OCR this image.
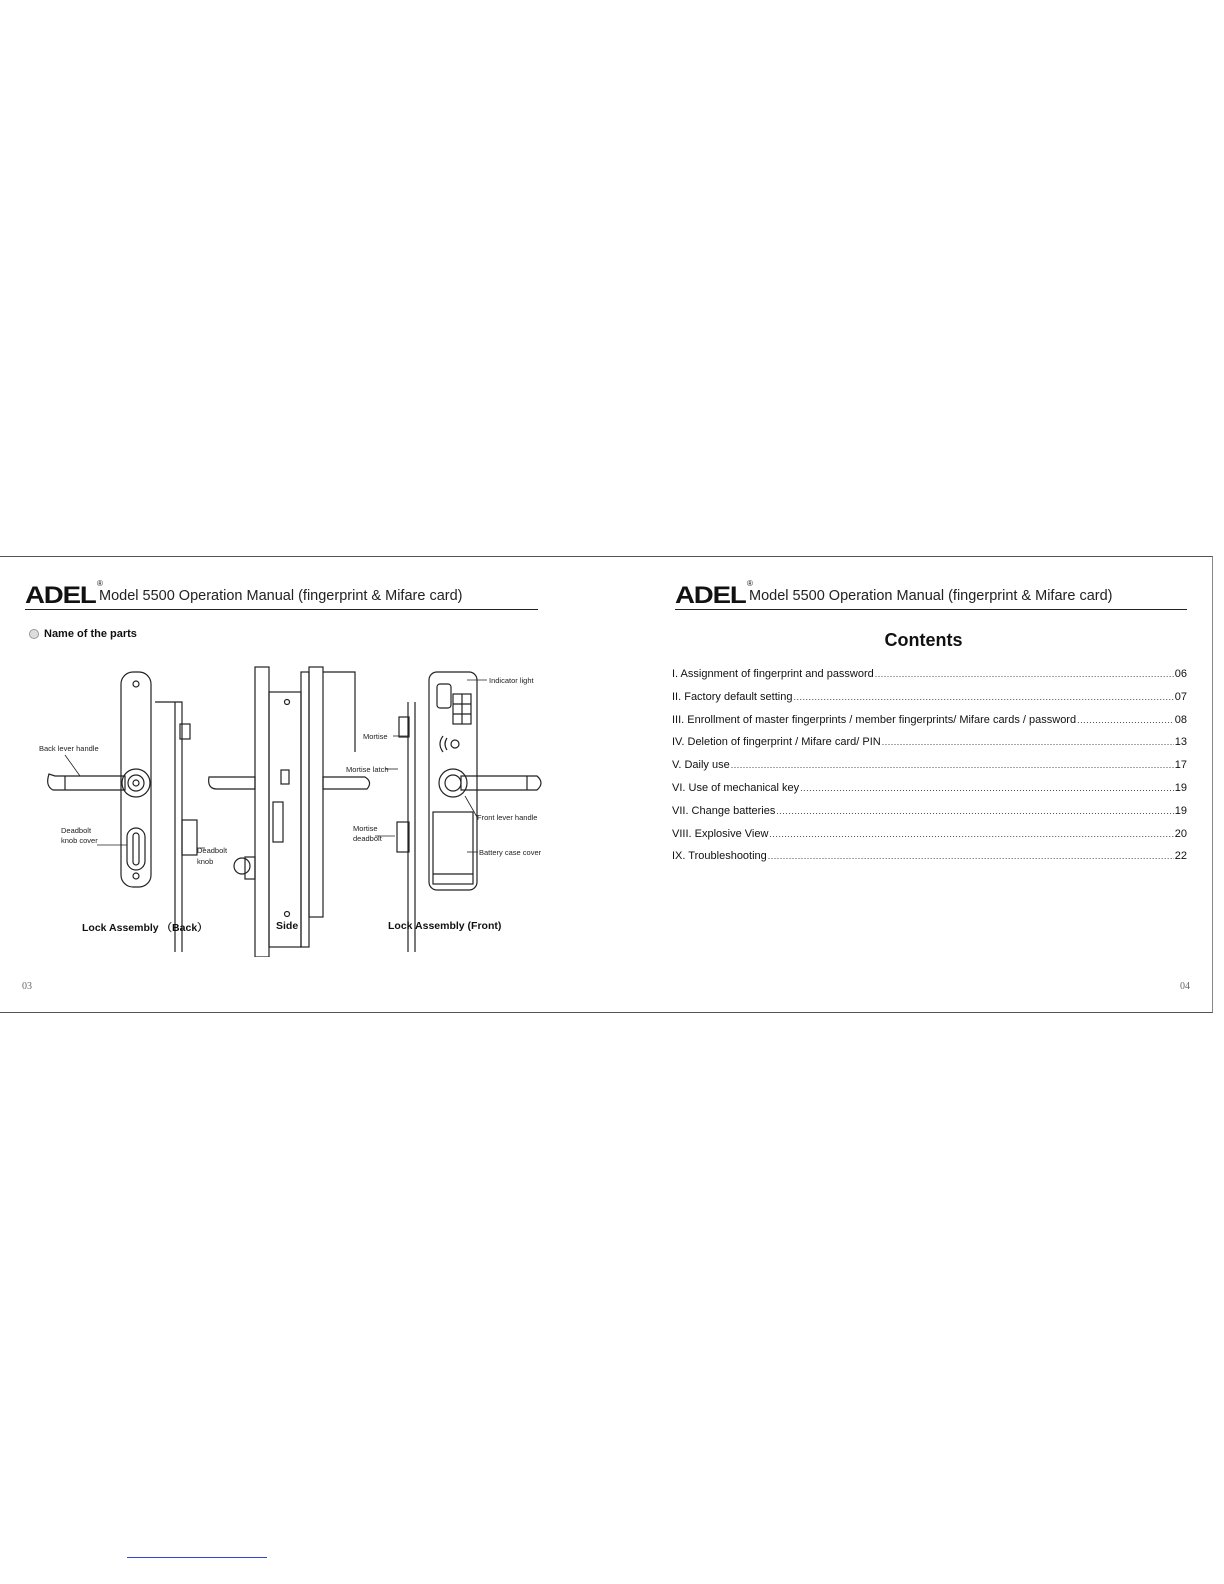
ADEL ®
Model 5500 Operation Manual (fingerprint & Mifare card)
Name of the parts
Back lever handle
Deadbolt
knob cover
Deadbolt
knob
Mortise
Mortise latch
Mortise
deadbolt
Indicator light
Front lever handle
Battery case cover
Lock Assembly （Back）	Side	Lock Assembly (Front)
03
ADEL ®
Model 5500 Operation Manual (fingerprint & Mifare card)
Contents
I. Assignment of fingerprint and password .....	06
II. Factory default setting .....	07
III. Enrollment of master fingerprints / member fingerprints/ Mifare cards / password .....	08
IV. Deletion of fingerprint / Mifare card/ PIN .....	13
V. Daily use .....	17
VI. Use of mechanical key .....	19
VII. Change batteries .....	19
VIII. Explosive View .....	20
IX. Troubleshooting .....	22
04
